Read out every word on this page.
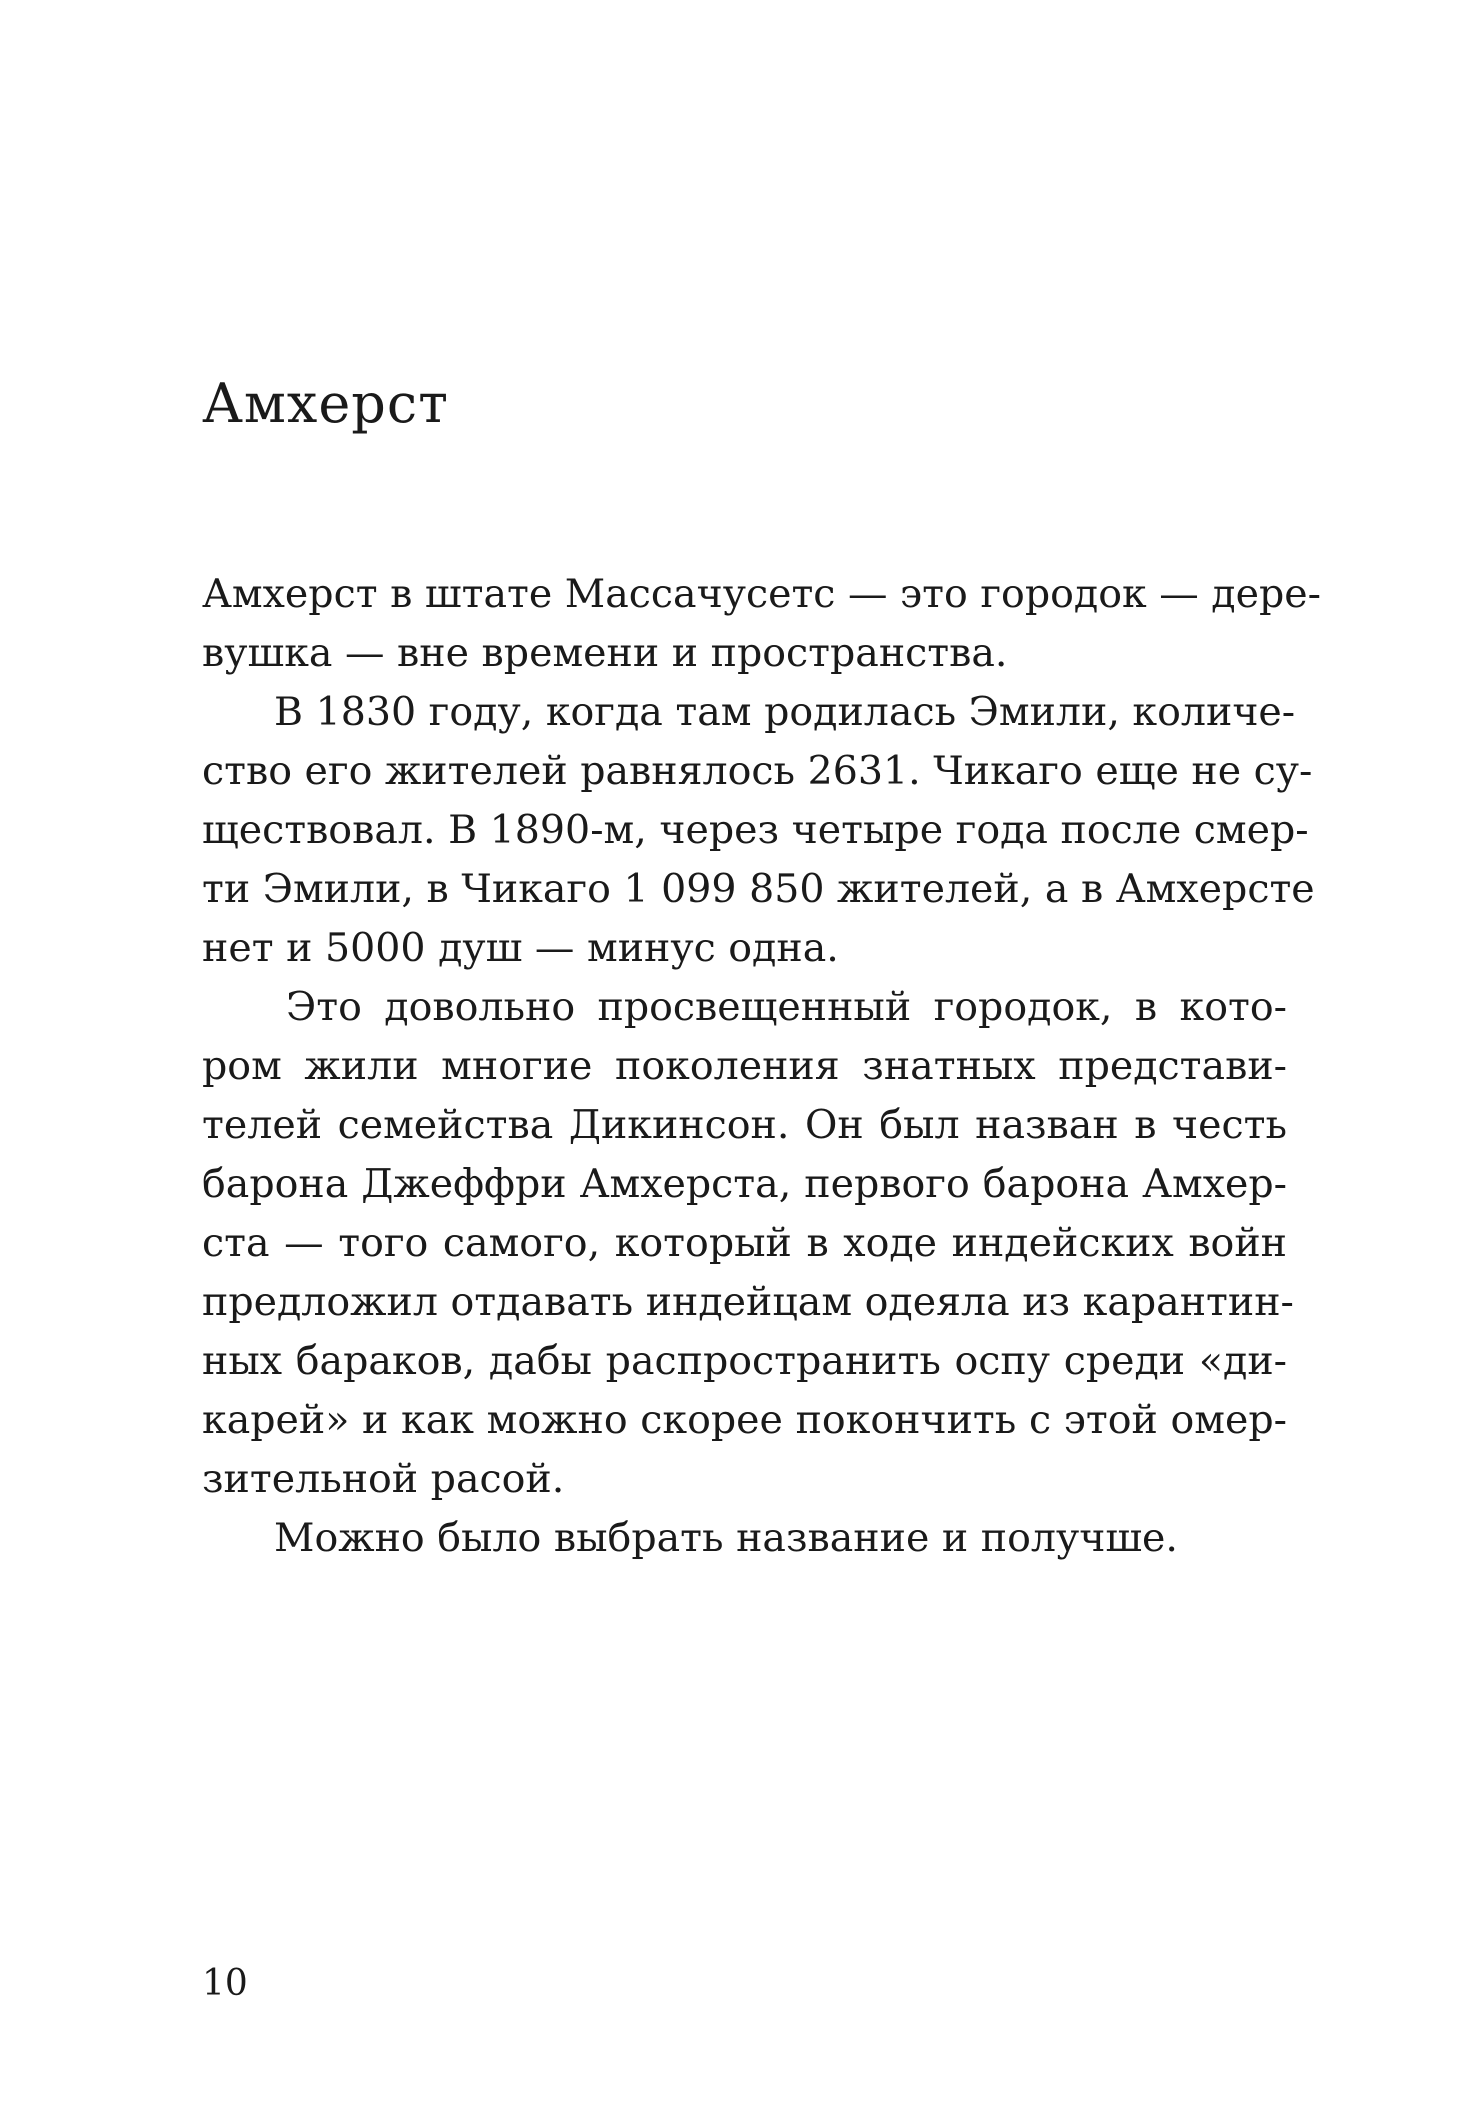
Амхерст
Амхерст в штате Массачусетс — это городок — дере-
вушка — вне времени и пространства.
В 1830 году, когда там родилась Эмили, количе-
ство его жителей равнялось 2631. Чикаго еще не су-
ществовал. В 1890-м, через четыре года после смер-
ти Эмили, в Чикаго 1 099 850 жителей, а в Амхерсте
нет и 5000 душ — минус одна.
Это довольно просвещенный городок, в кото-
ром жили многие поколения знатных представи-
телей семейства Дикинсон. Он был назван в честь
барона Джеффри Амхерста, первого барона Амхер-
ста — того самого, который в ходе индейских войн
предложил отдавать индейцам одеяла из карантин-
ных бараков, дабы распространить оспу среди «ди-
карей» и как можно скорее покончить с этой омер-
зительной расой.
Можно было выбрать название и получше.
10
